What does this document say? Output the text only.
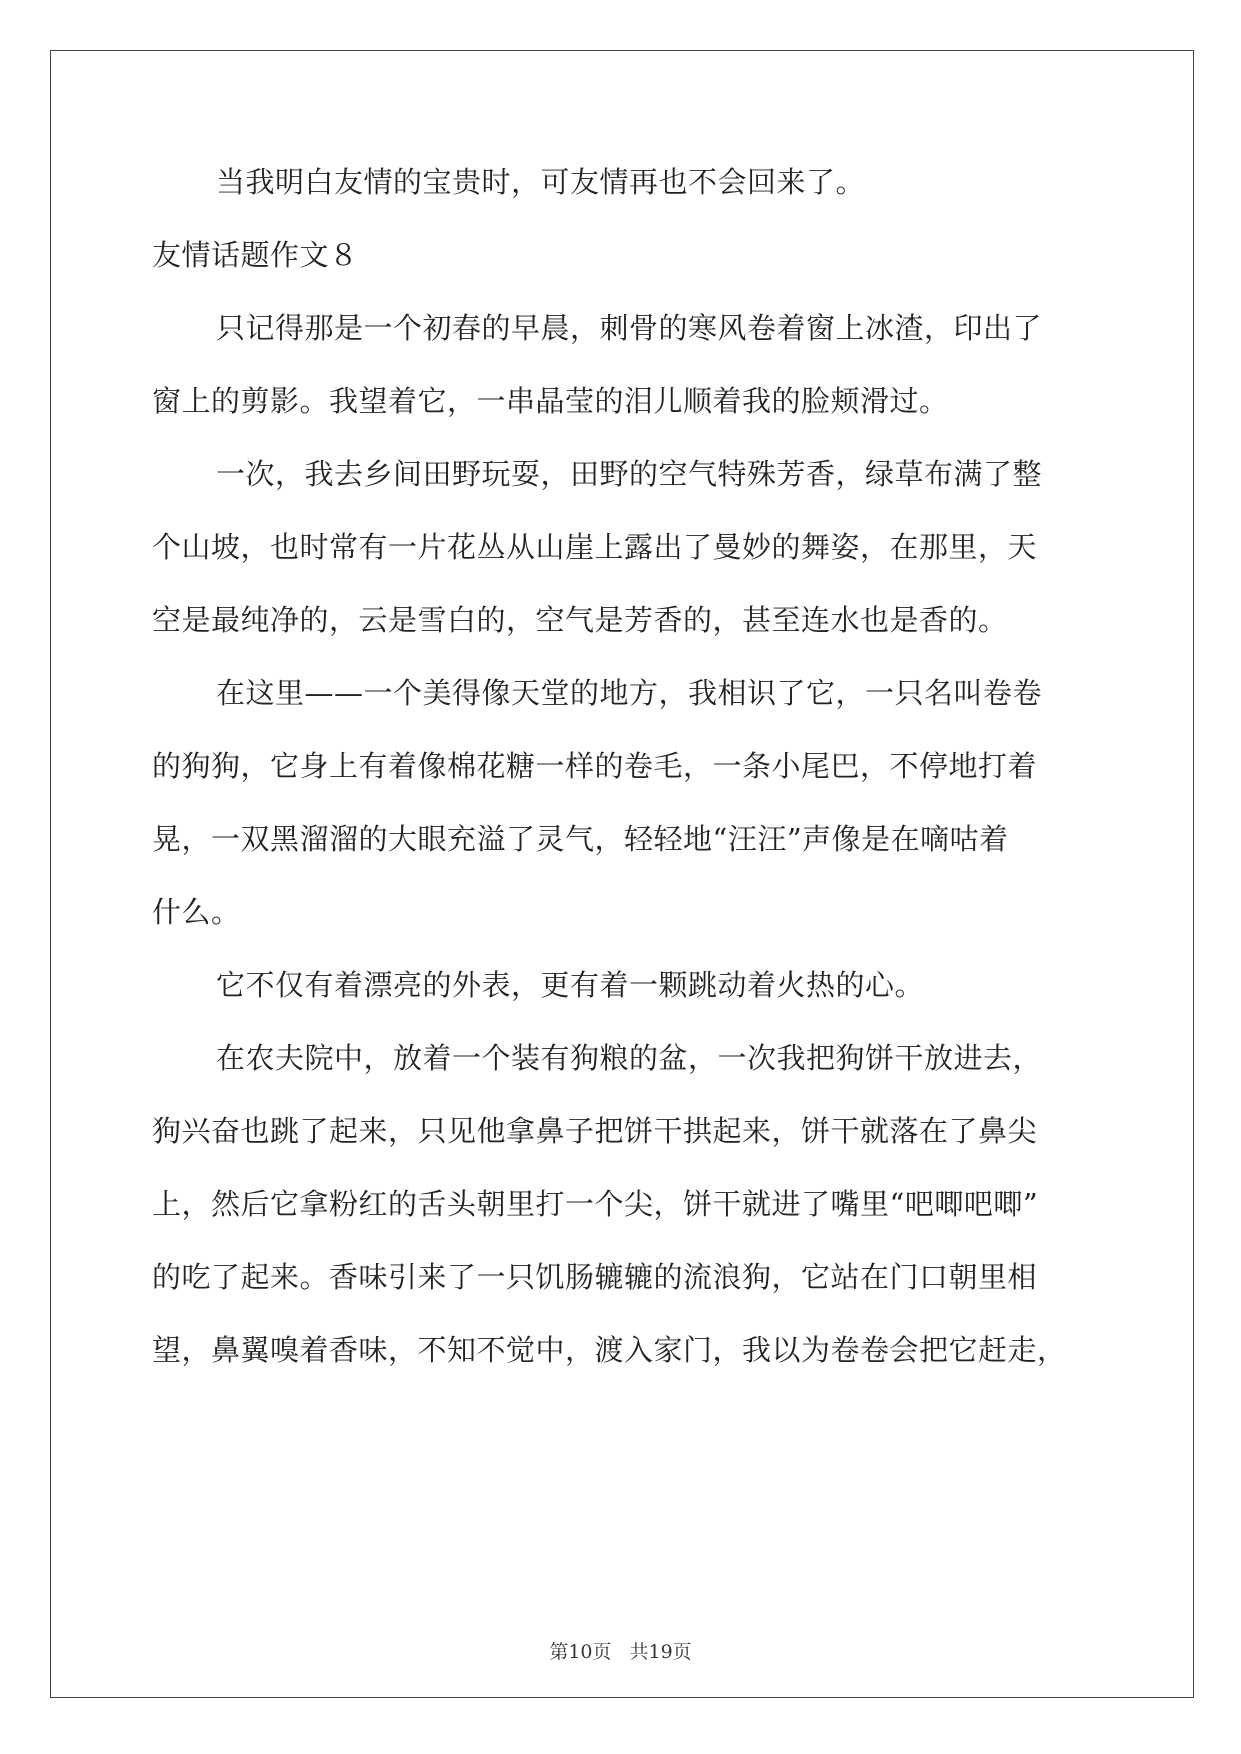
当我明白友情的宝贵时，可友情再也不会回来了。
友情话题作文８
只记得那是一个初春的早晨，刺骨的寒风卷着窗上冰渣，印出了
窗上的剪影。我望着它，一串晶莹的泪儿顺着我的脸颊滑过。
一次，我去乡间田野玩耍，田野的空气特殊芳香，绿草布满了整
个山坡，也时常有一片花丛从山崖上露出了曼妙的舞姿，在那里，天
空是最纯净的，云是雪白的，空气是芳香的，甚至连水也是香的。
在这里——一个美得像天堂的地方，我相识了它，一只名叫卷卷
的狗狗，它身上有着像棉花糖一样的卷毛，一条小尾巴，不停地打着
晃，一双黑溜溜的大眼充溢了灵气，轻轻地“汪汪”声像是在嘀咕着
什么。
它不仅有着漂亮的外表，更有着一颗跳动着火热的心。
在农夫院中，放着一个装有狗粮的盆，一次我把狗饼干放进去，
狗兴奋也跳了起来，只见他拿鼻子把饼干拱起来，饼干就落在了鼻尖
上，然后它拿粉红的舌头朝里打一个尖，饼干就进了嘴里“吧唧吧唧”
的吃了起来。香味引来了一只饥肠辘辘的流浪狗，它站在门口朝里相
望，鼻翼嗅着香味，不知不觉中，渡入家门，我以为卷卷会把它赶走，
第10页 共19页
